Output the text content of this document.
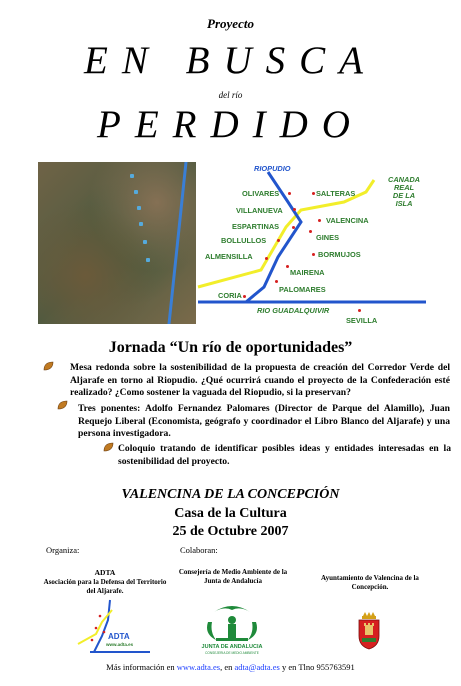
Proyecto
EN BUSCA
del río
PERDIDO
RIOPUDIO
CANADA
REAL
DE LA
ISLA
OLIVARES	SALTERAS
VILLANUEVA
ESPARTINAS
VALENCINA
BOLLULLOS	GINES
BORMUJOS
ALMENSILLA
MAIRENA
PALOMARES
CORIA
RIO GUADALQUIVIR
SEVILLA
Jornada “Un río de oportunidades”
Mesa redonda sobre la sostenibilidad de la propuesta de creación del Corredor Verde del Aljarafe en torno al Riopudio. ¿Qué ocurrirá cuando el proyecto de la Confederación esté realizado? ¿Como sostener la vaguada del Riopudio, si la preservan?
Tres ponentes: Adolfo Fernandez Palomares (Director de Parque del Alamillo), Juan Requejo Liberal (Economista, geógrafo y coordinador el Libro Blanco del Aljarafe) y una persona investigadora.
Coloquio tratando de identificar posibles ideas y entidades interesadas en la sostenibilidad del proyecto.
VALENCINA DE LA CONCEPCIÓN
Casa de la Cultura
25 de Octubre 2007
Organiza:	Colaboran:
ADTA
Asociación para la Defensa del Territorio del Aljarafe.
Consejería de Medio Ambiente de la Junta de Andalucía	Ayuntamiento de Valencina de la Concepción.
ADTA
www.adta.es	JUNTA DE ANDALUCIA
CONSEJERIA DE MEDIO AMBIENTE
Más información en www.adta.es, en adta@adta.es y en Tlno 955763591
